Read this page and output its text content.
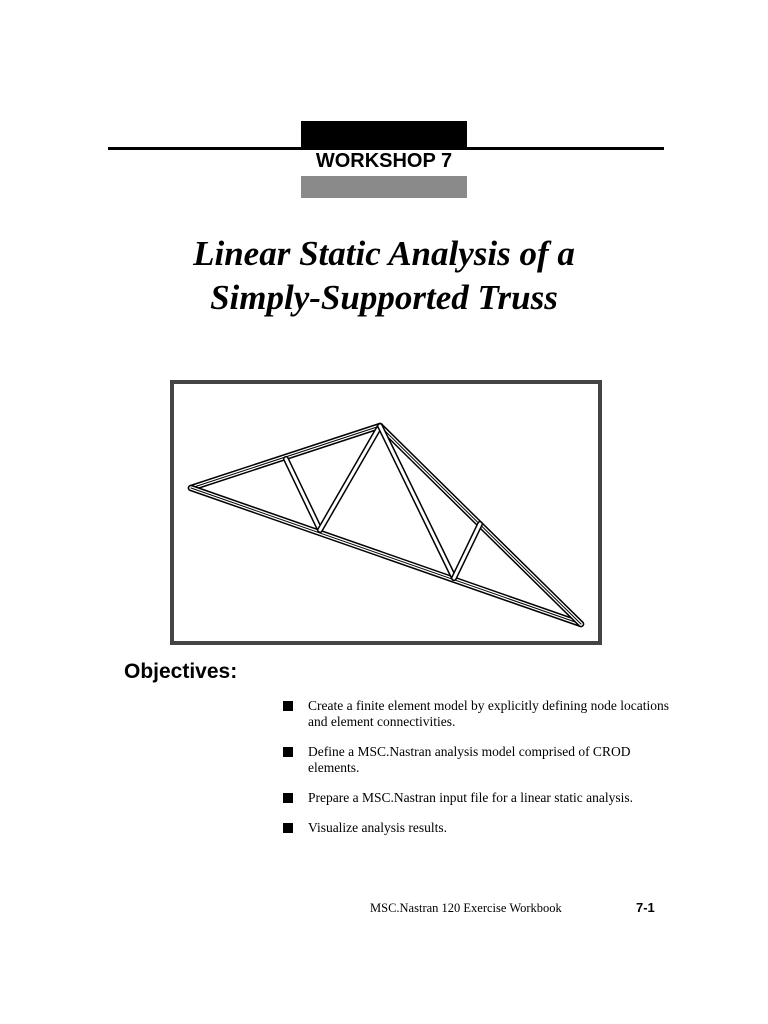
WORKSHOP 7
Linear Static Analysis of a
Simply-Supported Truss
Objectives:
Create a finite element model by explicitly defining node locations and element connectivities.
Define a MSC.Nastran analysis model comprised of CROD elements.
Prepare a MSC.Nastran input file for a linear static analysis.
Visualize analysis results.
MSC.Nastran 120 Exercise Workbook	7-1
